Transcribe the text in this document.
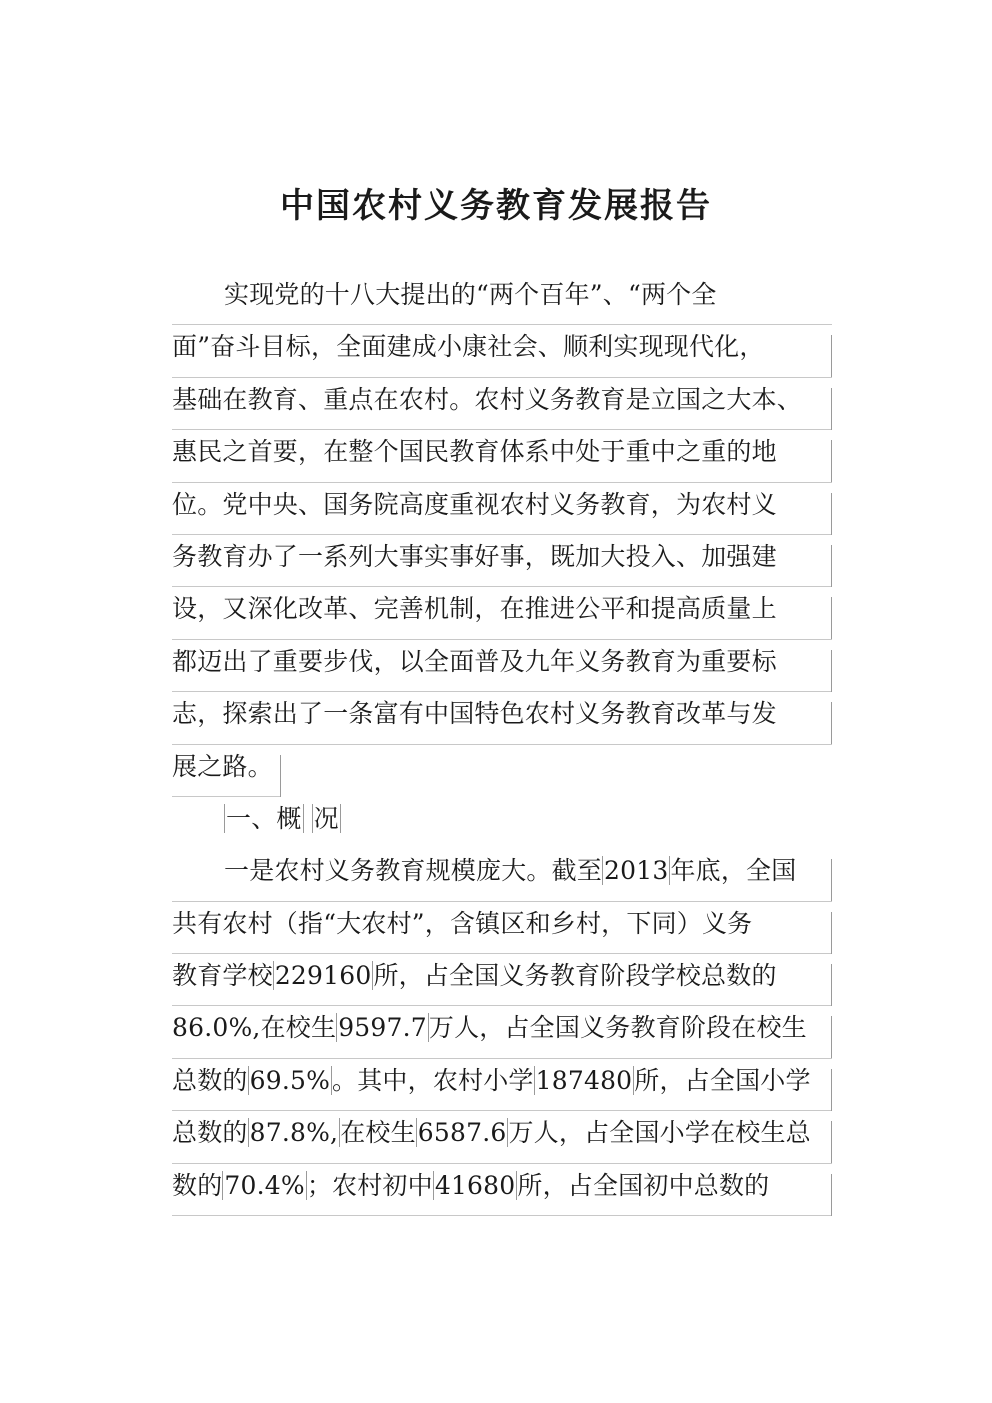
中国农村义务教育发展报告
实现党的十八大提出的“两个百年”、“两个全
面”奋斗目标，全面建成小康社会、顺利实现现代化，
基础在教育、重点在农村。农村义务教育是立国之大本、
惠民之首要，在整个国民教育体系中处于重中之重的地
位。党中央、国务院高度重视农村义务教育，为农村义
务教育办了一系列大事实事好事，既加大投入、加强建
设，又深化改革、完善机制，在推进公平和提高质量上
都迈出了重要步伐，以全面普及九年义务教育为重要标
志，探索出了一条富有中国特色农村义务教育改革与发
展之路。
一、概 况
一是农村义务教育规模庞大。截至2013年底，全国
共有农村（指“大农村”，含镇区和乡村，下同）义务
教育学校229160所，占全国义务教育阶段学校总数的
86.0%,在校生9597.7万人，占全国义务教育阶段在校生
总数的69.5%。其中，农村小学187480所，占全国小学
总数的87.8%,在校生6587.6万人，占全国小学在校生总
数的70.4%；农村初中41680所，占全国初中总数的
